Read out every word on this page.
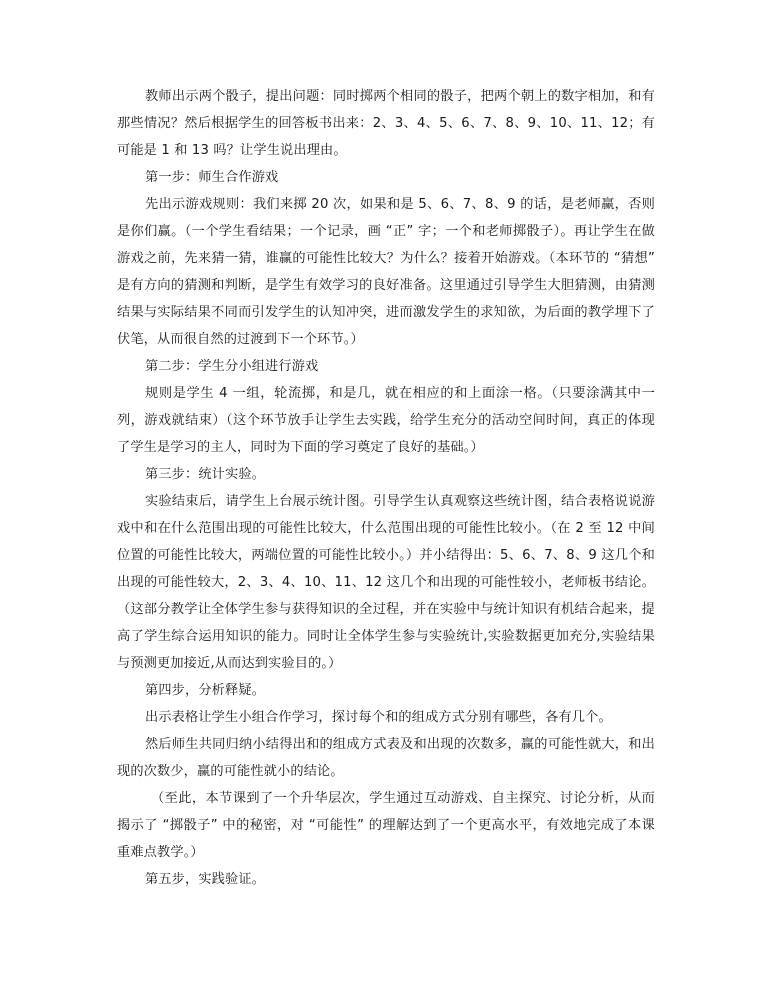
教师出示两个骰子，提出问题：同时掷两个相同的骰子，把两个朝上的数字相加，和有那些情况？然后根据学生的回答板书出来：2、3、4、5、6、7、8、9、10、11、12；有可能是 1 和 13 吗？让学生说出理由。

第一步：师生合作游戏

先出示游戏规则：我们来掷 20 次，如果和是 5、6、7、8、9 的话，是老师赢，否则是你们赢。（一个学生看结果；一个记录，画 “正” 字；一个和老师掷骰子）。再让学生在做游戏之前，先来猜一猜，谁赢的可能性比较大？为什么？接着开始游戏。（本环节的 “猜想” 是有方向的猜测和判断，是学生有效学习的良好准备。这里通过引导学生大胆猜测，由猜测结果与实际结果不同而引发学生的认知冲突，进而激发学生的求知欲，为后面的教学埋下了伏笔，从而很自然的过渡到下一个环节。）

第二步：学生分小组进行游戏

规则是学生 4 一组，轮流掷，和是几，就在相应的和上面涂一格。（只要涂满其中一列，游戏就结束）（这个环节放手让学生去实践，给学生充分的活动空间时间，真正的体现了学生是学习的主人，同时为下面的学习奠定了良好的基础。）

第三步：统计实验。

实验结束后，请学生上台展示统计图。引导学生认真观察这些统计图，结合表格说说游戏中和在什么范围出现的可能性比较大，什么范围出现的可能性比较小。（在 2 至 12 中间位置的可能性比较大，两端位置的可能性比较小。）并小结得出：5、6、7、8、9 这几个和出现的可能性较大，2、3、4、10、11、12 这几个和出现的可能性较小，老师板书结论。（这部分教学让全体学生参与获得知识的全过程，并在实验中与统计知识有机结合起来，提高了学生综合运用知识的能力。同时让全体学生参与实验统计,实验数据更加充分,实验结果与预测更加接近,从而达到实验目的。）

第四步，分析释疑。

出示表格让学生小组合作学习，探讨每个和的组成方式分别有哪些，各有几个。

然后师生共同归纳小结得出和的组成方式表及和出现的次数多，赢的可能性就大，和出现的次数少，赢的可能性就小的结论。

（至此，本节课到了一个升华层次，学生通过互动游戏、自主探究、讨论分析，从而揭示了 “掷骰子” 中的秘密，对 “可能性” 的理解达到了一个更高水平，有效地完成了本课重难点教学。）

第五步，实践验证。
